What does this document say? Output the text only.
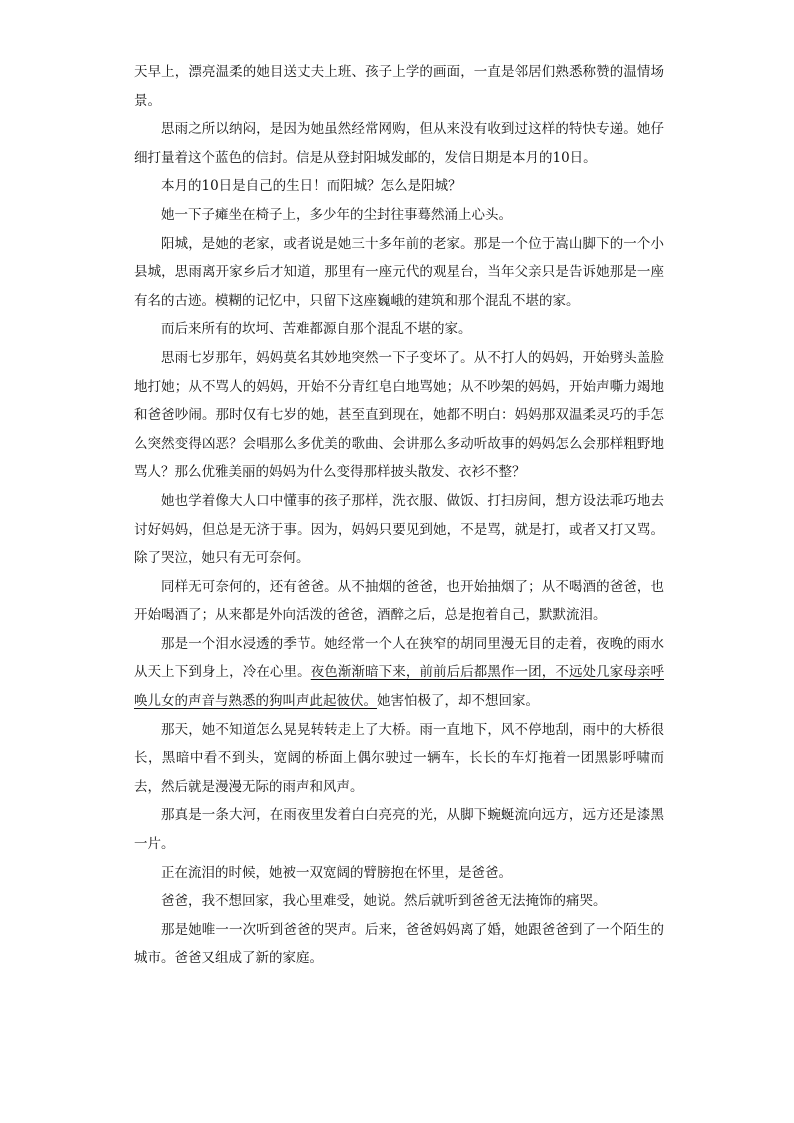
天早上，漂亮温柔的她目送丈夫上班、孩子上学的画面，一直是邻居们熟悉称赞的温情场景。

思雨之所以纳闷，是因为她虽然经常网购，但从来没有收到过这样的特快专递。她仔细打量着这个蓝色的信封。信是从登封阳城发邮的，发信日期是本月的10日。

本月的10日是自己的生日！而阳城？怎么是阳城？

她一下子瘫坐在椅子上，多少年的尘封往事蓦然涌上心头。

阳城，是她的老家，或者说是她三十多年前的老家。那是一个位于嵩山脚下的一个小县城，思雨离开家乡后才知道，那里有一座元代的观星台，当年父亲只是告诉她那是一座有名的古迹。模糊的记忆中，只留下这座巍峨的建筑和那个混乱不堪的家。

而后来所有的坎坷、苦难都源自那个混乱不堪的家。

思雨七岁那年，妈妈莫名其妙地突然一下子变坏了。从不打人的妈妈，开始劈头盖脸地打她；从不骂人的妈妈，开始不分青红皂白地骂她；从不吵架的妈妈，开始声嘶力竭地和爸爸吵闹。那时仅有七岁的她，甚至直到现在，她都不明白：妈妈那双温柔灵巧的手怎么突然变得凶恶？会唱那么多优美的歌曲、会讲那么多动听故事的妈妈怎么会那样粗野地骂人？那么优雅美丽的妈妈为什么变得那样披头散发、衣衫不整？

她也学着像大人口中懂事的孩子那样，洗衣服、做饭、打扫房间，想方设法乖巧地去讨好妈妈，但总是无济于事。因为，妈妈只要见到她，不是骂，就是打，或者又打又骂。除了哭泣，她只有无可奈何。

同样无可奈何的，还有爸爸。从不抽烟的爸爸，也开始抽烟了；从不喝酒的爸爸，也开始喝酒了；从来都是外向活泼的爸爸，酒醉之后，总是抱着自己，默默流泪。

那是一个泪水浸透的季节。她经常一个人在狭窄的胡同里漫无目的走着，夜晚的雨水从天上下到身上，冷在心里。夜色渐渐暗下来，前前后后都黑作一团，不远处几家母亲呼唤儿女的声音与熟悉的狗叫声此起彼伏。她害怕极了，却不想回家。

那天，她不知道怎么晃晃转转走上了大桥。雨一直地下，风不停地刮，雨中的大桥很长，黑暗中看不到头，宽阔的桥面上偶尔驶过一辆车，长长的车灯拖着一团黑影呼啸而去，然后就是漫漫无际的雨声和风声。

那真是一条大河，在雨夜里发着白白亮亮的光，从脚下蜿蜒流向远方，远方还是漆黑一片。

正在流泪的时候，她被一双宽阔的臂膀抱在怀里，是爸爸。

爸爸，我不想回家，我心里难受，她说。然后就听到爸爸无法掩饰的痛哭。

那是她唯一一次听到爸爸的哭声。后来，爸爸妈妈离了婚，她跟爸爸到了一个陌生的城市。爸爸又组成了新的家庭。
